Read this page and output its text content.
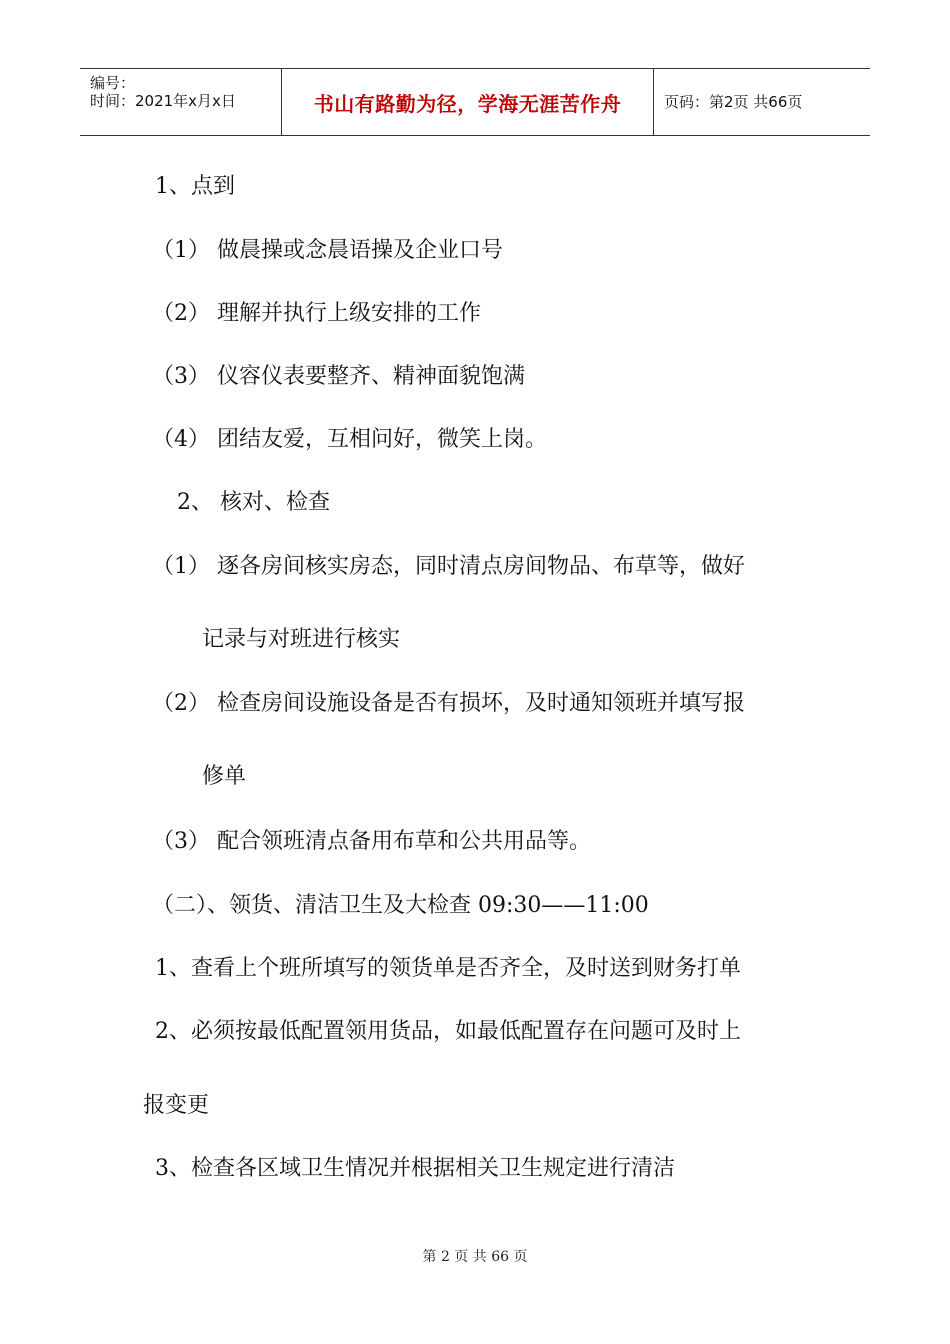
编号：
时间：2021年x月x日	书山有路勤为径，学海无涯苦作舟	页码：第2页 共66页
1、点到
（1） 做晨操或念晨语操及企业口号
（2） 理解并执行上级安排的工作
（3） 仪容仪表要整齐、精神面貌饱满
（4） 团结友爱，互相问好，微笑上岗。
2、 核对、检查
（1） 逐各房间核实房态，同时清点房间物品、布草等，做好
记录与对班进行核实
（2） 检查房间设施设备是否有损坏，及时通知领班并填写报
修单
（3） 配合领班清点备用布草和公共用品等。
（二）、领货、清洁卫生及大检查 09:30——11:00
1、查看上个班所填写的领货单是否齐全，及时送到财务打单
2、必须按最低配置领用货品，如最低配置存在问题可及时上
报变更
3、检查各区域卫生情况并根据相关卫生规定进行清洁
第 2 页 共 66 页
